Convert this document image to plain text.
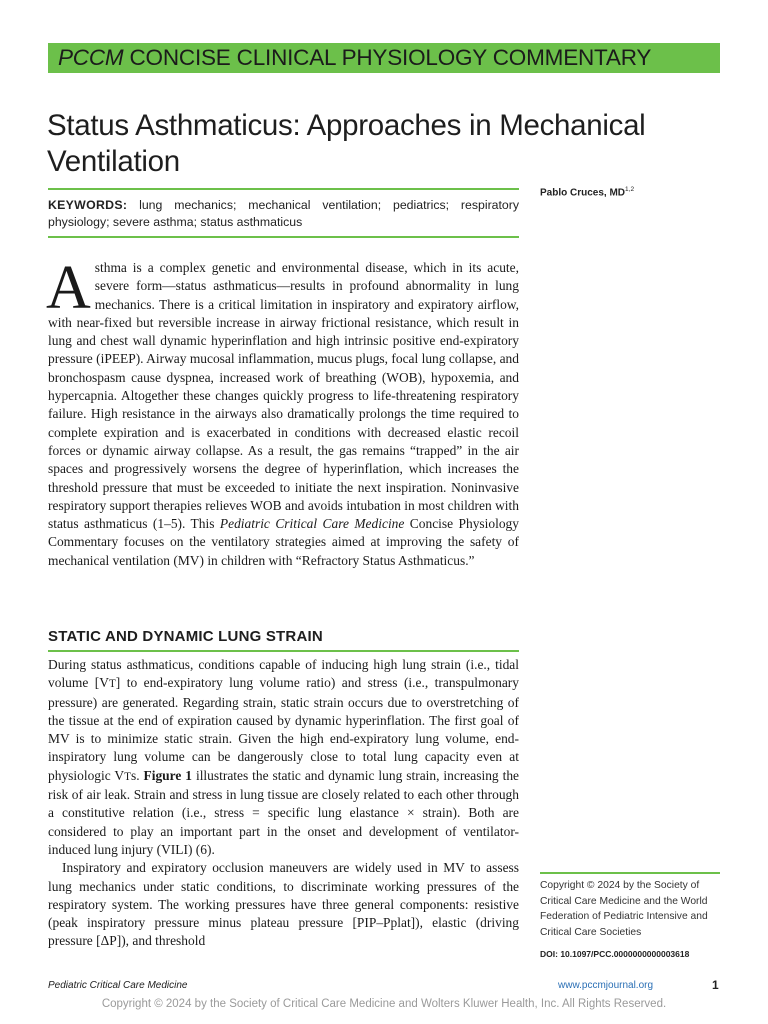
PCCM CONCISE CLINICAL PHYSIOLOGY COMMENTARY
Status Asthmaticus: Approaches in Mechanical Ventilation
Pablo Cruces, MD$^{1,2}$
KEYWORDS: lung mechanics; mechanical ventilation; pediatrics; respiratory physiology; severe asthma; status asthmaticus

Asthma is a complex genetic and environmental disease, which in its acute, severe form—status asthmaticus—results in profound abnormality in lung mechanics. There is a critical limitation in inspiratory and expiratory airflow, with near-fixed but reversible increase in airway frictional resistance, which result in lung and chest wall dynamic hyperinflation and high intrinsic positive end-expiratory pressure (iPEEP). Airway mucosal inflammation, mucus plugs, focal lung collapse, and bronchospasm cause dyspnea, increased work of breathing (WOB), hypoxemia, and hypercapnia. Altogether these changes quickly progress to life-threatening respiratory failure. High resistance in the airways also dramatically prolongs the time required to complete expiration and is exacerbated in conditions with decreased elastic recoil forces or dynamic airway collapse. As a result, the gas remains “trapped” in the air spaces and progressively worsens the degree of hyperinflation, which increases the threshold pressure that must be exceeded to initiate the next inspiration. Noninvasive respiratory support therapies relieves WOB and avoids intubation in most children with status asthmaticus (1–5). This Pediatric Critical Care Medicine Concise Physiology Commentary focuses on the ventilatory strategies aimed at improving the safety of mechanical ventilation (MV) in children with “Refractory Status Asthmaticus.”

STATIC AND DYNAMIC LUNG STRAIN

During status asthmaticus, conditions capable of inducing high lung strain (i.e., tidal volume [VT] to end-expiratory lung volume ratio) and stress (i.e., transpulmonary pressure) are generated. Regarding strain, static strain occurs due to overstretching of the tissue at the end of expiration caused by dynamic hyperinflation. The first goal of MV is to minimize static strain. Given the high end-expiratory lung volume, end-inspiratory lung volume can be dangerously close to total lung capacity even at physiologic VTs. Figure 1 illustrates the static and dynamic lung strain, increasing the risk of air leak. Strain and stress in lung tissue are closely related to each other through a constitutive relation (i.e., stress = specific lung elastance × strain). Both are considered to play an important part in the onset and development of ventilator-induced lung injury (VILI) (6).

Inspiratory and expiratory occlusion maneuvers are widely used in MV to assess lung mechanics under static conditions, to discriminate working pressures of the respiratory system. The working pressures have three general components: resistive (peak inspiratory pressure minus plateau pressure [PIP–Pplat]), elastic (driving pressure [ΔP]), and threshold

Copyright © 2024 by the Society of Critical Care Medicine and the World Federation of Pediatric Intensive and Critical Care Societies
DOI: 10.1097/PCC.0000000000003618
Pediatric Critical Care Medicine	www.pccmjournal.org	1
Copyright © 2024 by the Society of Critical Care Medicine and Wolters Kluwer Health, Inc. All Rights Reserved.
